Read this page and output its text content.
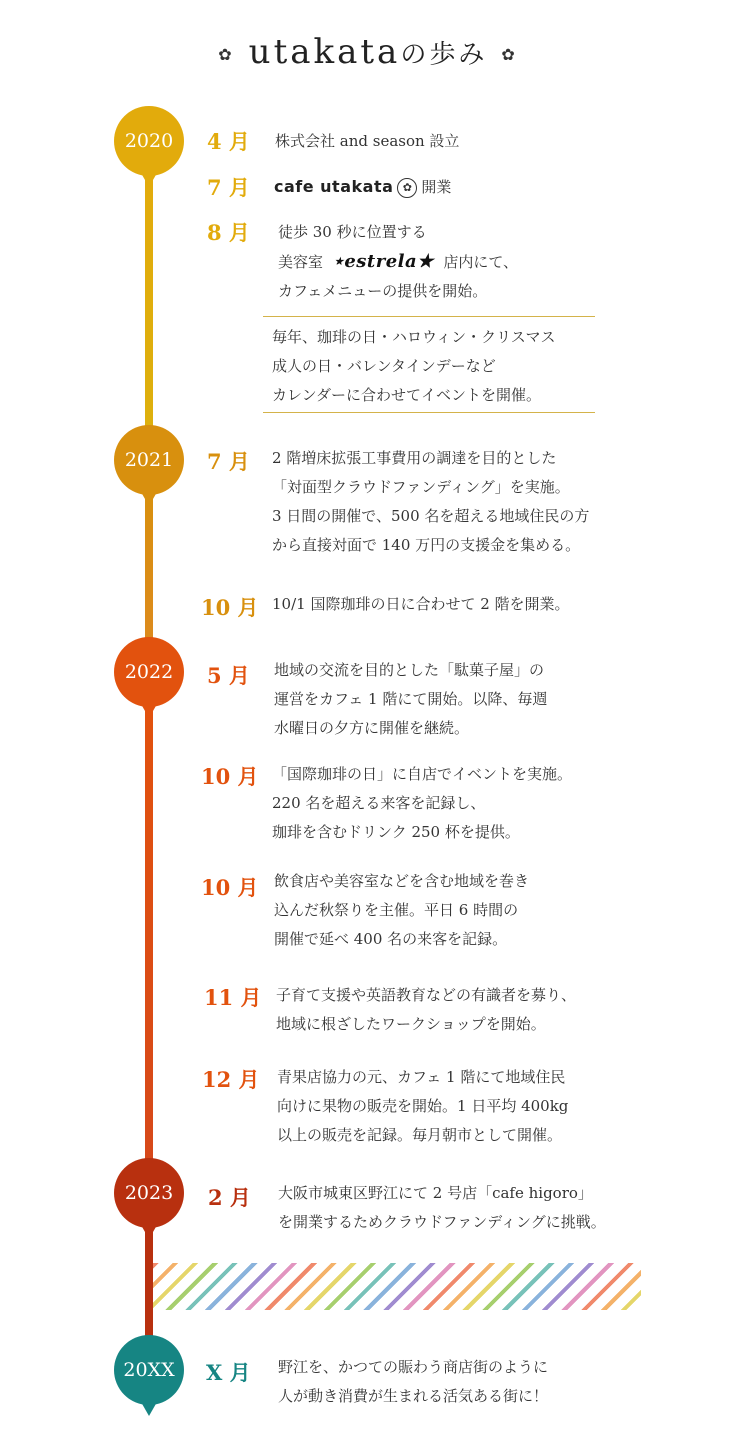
✿ utakataの歩み ✿
2020
2021
2022
2023
20XX
4 月 株式会社 and season 設立
7 月 cafe utakata ✿ 開業
8 月 徒歩 30 秒に位置する
美容室 ⋆estrela★ 店内にて、
カフェメニューの提供を開始。
毎年、珈琲の日・ハロウィン・クリスマス
成人の日・バレンタインデーなど
カレンダーに合わせてイベントを開催。
7 月 2 階増床拡張工事費用の調達を目的とした
「対面型クラウドファンディング」を実施。
3 日間の開催で、500 名を超える地域住民の方
から直接対面で 140 万円の支援金を集める。
10 月 10/1 国際珈琲の日に合わせて 2 階を開業。
5 月 地域の交流を目的とした「駄菓子屋」の
運営をカフェ 1 階にて開始。以降、毎週
水曜日の夕方に開催を継続。
10 月 「国際珈琲の日」に自店でイベントを実施。
220 名を超える来客を記録し、
珈琲を含むドリンク 250 杯を提供。
10 月 飲食店や美容室などを含む地域を巻き
込んだ秋祭りを主催。平日 6 時間の
開催で延べ 400 名の来客を記録。
11 月 子育て支援や英語教育などの有識者を募り、
地域に根ざしたワークショップを開始。
12 月 青果店協力の元、カフェ 1 階にて地域住民
向けに果物の販売を開始。1 日平均 400kg
以上の販売を記録。毎月朝市として開催。
2 月 大阪市城東区野江にて 2 号店「cafe higoro」
を開業するためクラウドファンディングに挑戦。
X 月 野江を、かつての賑わう商店街のように
人が動き消費が生まれる活気ある街に！
